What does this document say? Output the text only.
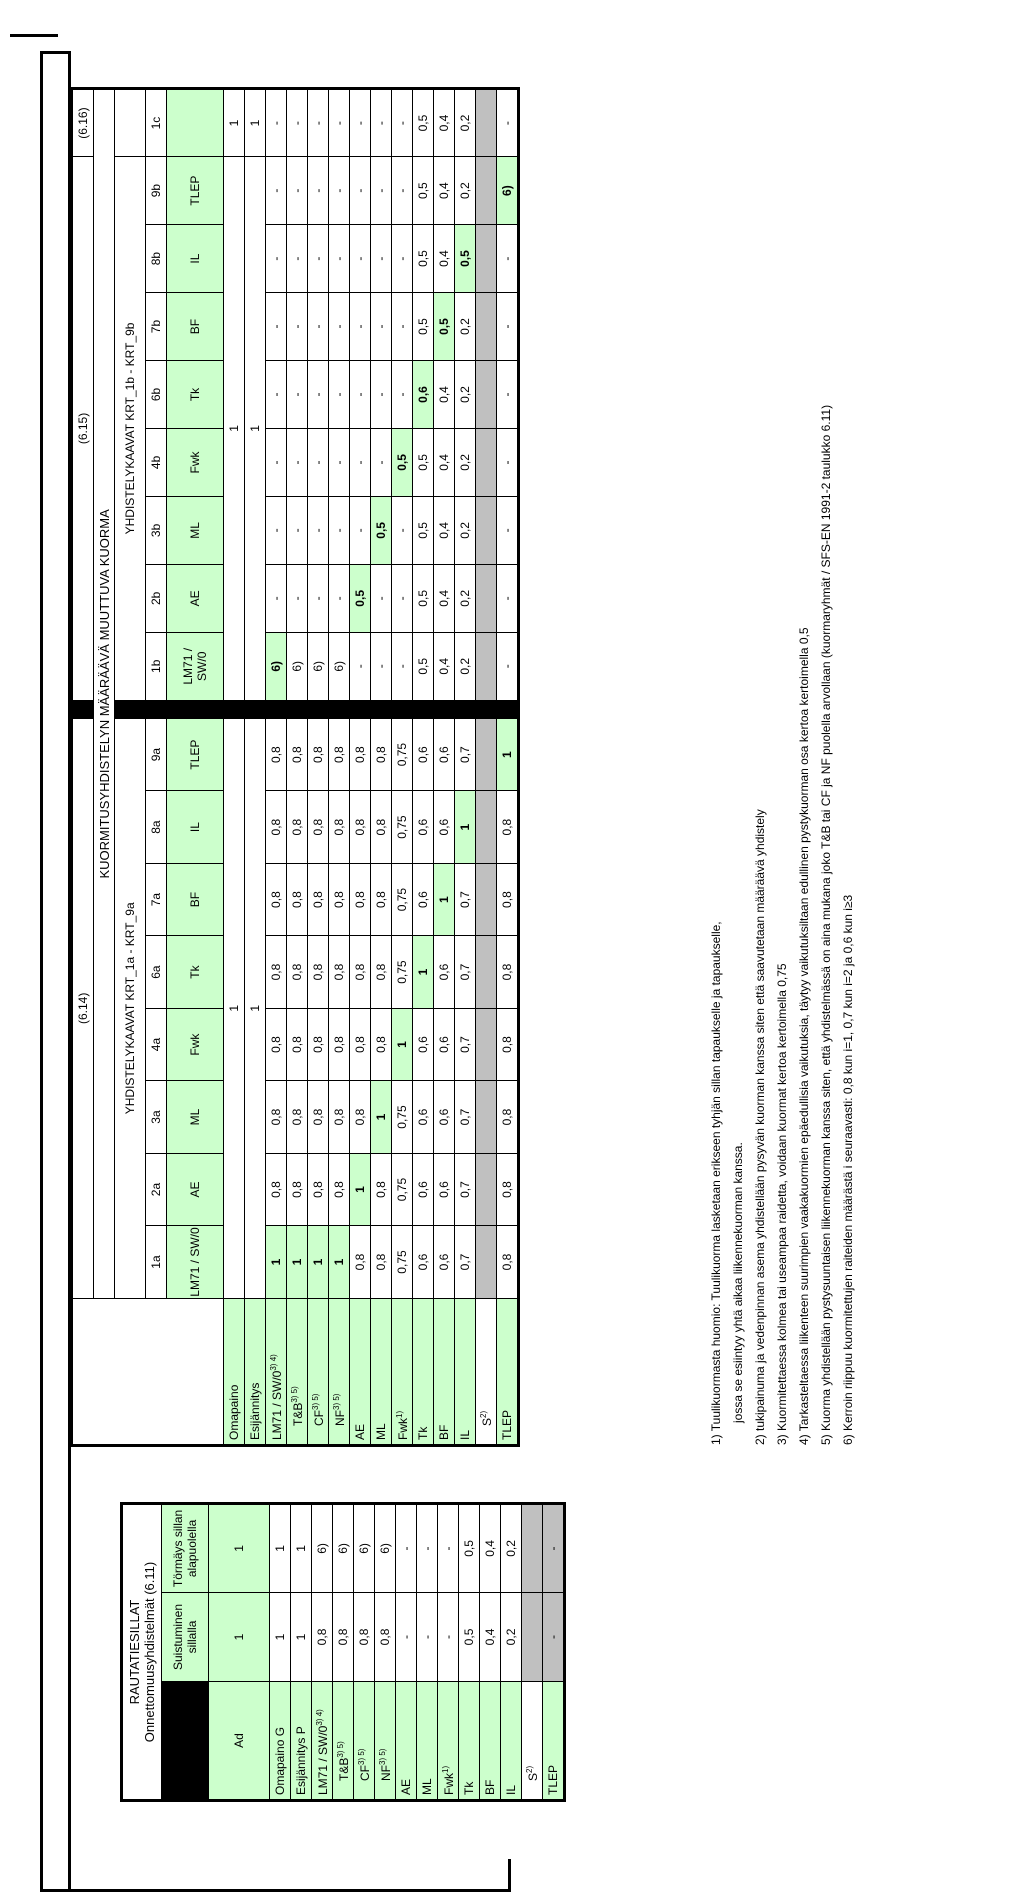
RAUTATIESILLAT Onnettomuusyhdistelmät (6.11)		

	Suistuminen sillalla	Törmäys sillan alapuolella
Ad	1	1
Omapaino G	1	1
Esijännitys P	1	1
$LM71 / SW/0^{3) 4)}$	0,8	6)
$T\&B^{3) 5)}$	0,8	6)
$CF^{3) 5)}$	0,8	6)
$NF^{3) 5)}$	0,8	6)
AE	-	-
ML	-	-
Fwk$^{1)}$	-	-
Tk	0,5	0,5
BF	0,4	0,4
IL	0,2	0,2
$S^{2)}$		
TLEP	-	-
	(6.14)									(6.15)								(6.16)
	KUORMITUSYHDISTELYN MÄÄRÄÄVÄ MUUTTUVA KUORMA																	
	YHDISTELYKAAVAT KRT_1a - KRT_9a									YHDISTELYKAAVAT KRT_1b - KRT_9b								
	1a	2a	3a	4a	6a	7a	8a	9a		1b	2b	3b	4b	6b	7b	8b	9b	1c
	LM71 / SW/0	AE	ML	Fwk	Tk	BF	IL	TLEP		LM71 / SW/0	AE	ML	Fwk	Tk	BF	IL	TLEP	
Omapaino	1									1								1
Esijännitys	1									1								1
$LM71 / SW/0^{3) 4)}$	1	0,8	0,8	0,8	0,8	0,8	0,8	0,8		6)	-	-	-	-	-	-	-	-
$T\&B^{3) 5)}$	1	0,8	0,8	0,8	0,8	0,8	0,8	0,8		6)	-	-	-	-	-	-	-	-
$CF^{3) 5)}$	1	0,8	0,8	0,8	0,8	0,8	0,8	0,8		6)	-	-	-	-	-	-	-	-
$NF^{3) 5)}$	1	0,8	0,8	0,8	0,8	0,8	0,8	0,8		6)	-	-	-	-	-	-	-	-
AE	0,8	1	0,8	0,8	0,8	0,8	0,8	0,8		-	0,5	-	-	-	-	-	-	-
ML	0,8	0,8	1	0,8	0,8	0,8	0,8	0,8		-	-	0,5	-	-	-	-	-	-
Fwk$^{1)}$	0,75	0,75	0,75	1	0,75	0,75	0,75	0,75		-	-	-	0,5	-	-	-	-	-
Tk	0,6	0,6	0,6	0,6	1	0,6	0,6	0,6		0,5	0,5	0,5	0,5	0,6	0,5	0,5	0,5	0,5
BF	0,6	0,6	0,6	0,6	0,6	1	0,6	0,6		0,4	0,4	0,4	0,4	0,4	0,5	0,4	0,4	0,4
IL	0,7	0,7	0,7	0,7	0,7	0,7	1	0,7		0,2	0,2	0,2	0,2	0,2	0,2	0,5	0,2	0,2
$S^{2)}$																		
TLEP	0,8	0,8	0,8	0,8	0,8	0,8	0,8	1		-	-	-	-	-	-	-	6)	-
1) Tuulikuormasta huomio: Tuulikuorma lasketaan erikseen tyhjän sillan tapaukselle ja tapaukselle, jossa se esiintyy yhtä aikaa liikennekuorman kanssa. 2) tukipainuma ja vedenpinnan asema yhdistellään pysyvän kuorman kanssa siten että saavutetaan määräävä yhdistely 3) Kuormitettaessa kolmea tai useampaa raidetta, voidaan kuormat kertoa kertoimella 0,75 4) Tarkasteltaessa liikenteen suurimpien vaakakuormien epäedullisia vaikutuksia, täytyy vaikutuksiltaan edullinen pystykuorman osa kertoa kertoimella 0,5 5) Kuorma yhdistellään pystysuuntaisen liikennekuorman kanssa siten, että yhdistelmässä on aina mukana joko T&B tai CF ja NF puolella arvollaan (kuormaryhmät / SFS-EN 1991-2 taulukko 6.11) 6) Kerroin riippuu kuormitettujen raiteiden määrästä i seuraavasti: 0,8 kun i=1, 0,7 kun i=2 ja 0,6 kun i≥3
